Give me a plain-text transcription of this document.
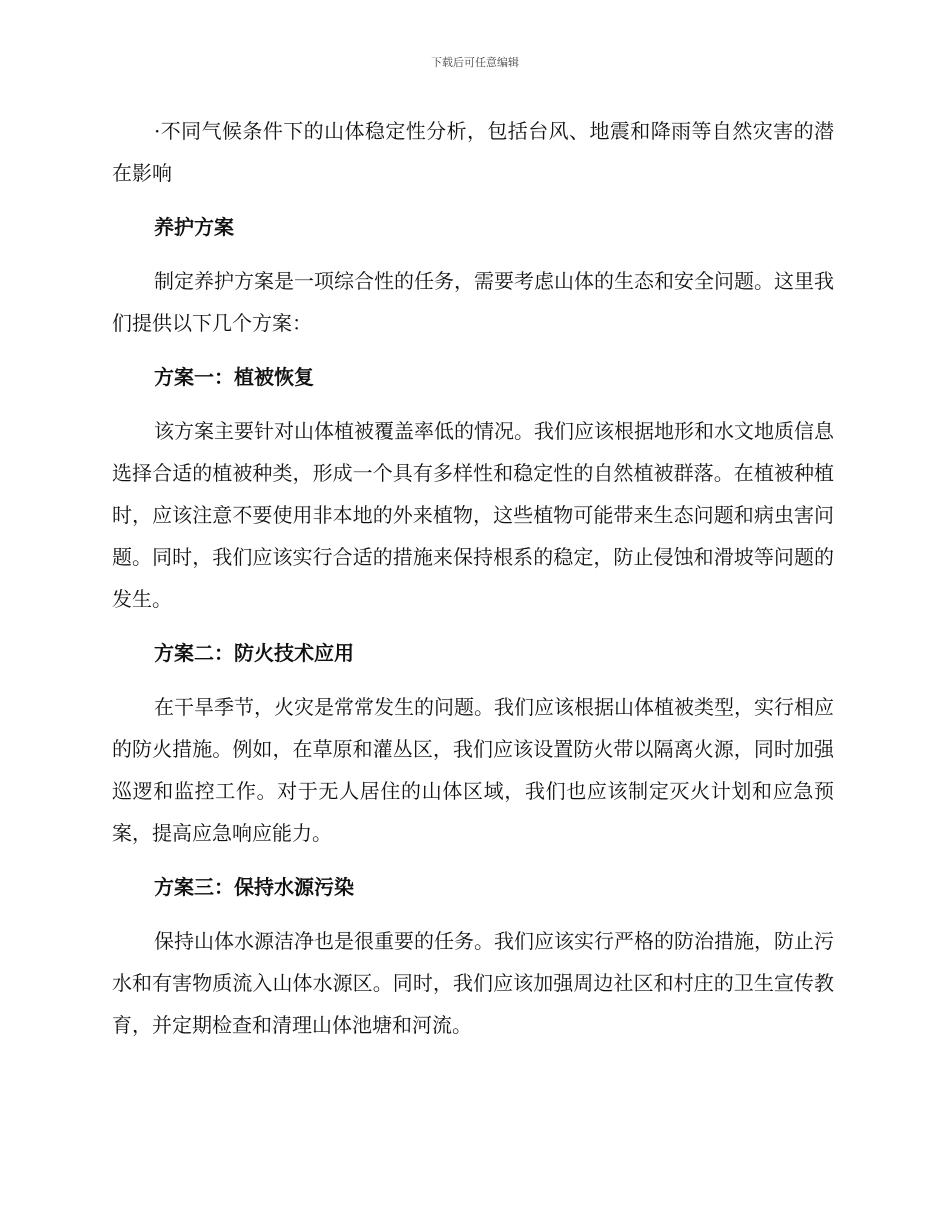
下载后可任意编辑

·不同气候条件下的山体稳定性分析，包括台风、地震和降雨等自然灾害的潜在影响

养护方案

制定养护方案是一项综合性的任务，需要考虑山体的生态和安全问题。这里我们提供以下几个方案：

方案一：植被恢复

该方案主要针对山体植被覆盖率低的情况。我们应该根据地形和水文地质信息选择合适的植被种类，形成一个具有多样性和稳定性的自然植被群落。在植被种植时，应该注意不要使用非本地的外来植物，这些植物可能带来生态问题和病虫害问题。同时，我们应该实行合适的措施来保持根系的稳定，防止侵蚀和滑坡等问题的发生。

方案二：防火技术应用

在干旱季节，火灾是常常发生的问题。我们应该根据山体植被类型，实行相应的防火措施。例如，在草原和灌丛区，我们应该设置防火带以隔离火源，同时加强巡逻和监控工作。对于无人居住的山体区域，我们也应该制定灭火计划和应急预案，提高应急响应能力。

方案三：保持水源污染

保持山体水源洁净也是很重要的任务。我们应该实行严格的防治措施，防止污水和有害物质流入山体水源区。同时，我们应该加强周边社区和村庄的卫生宣传教育，并定期检查和清理山体池塘和河流。
